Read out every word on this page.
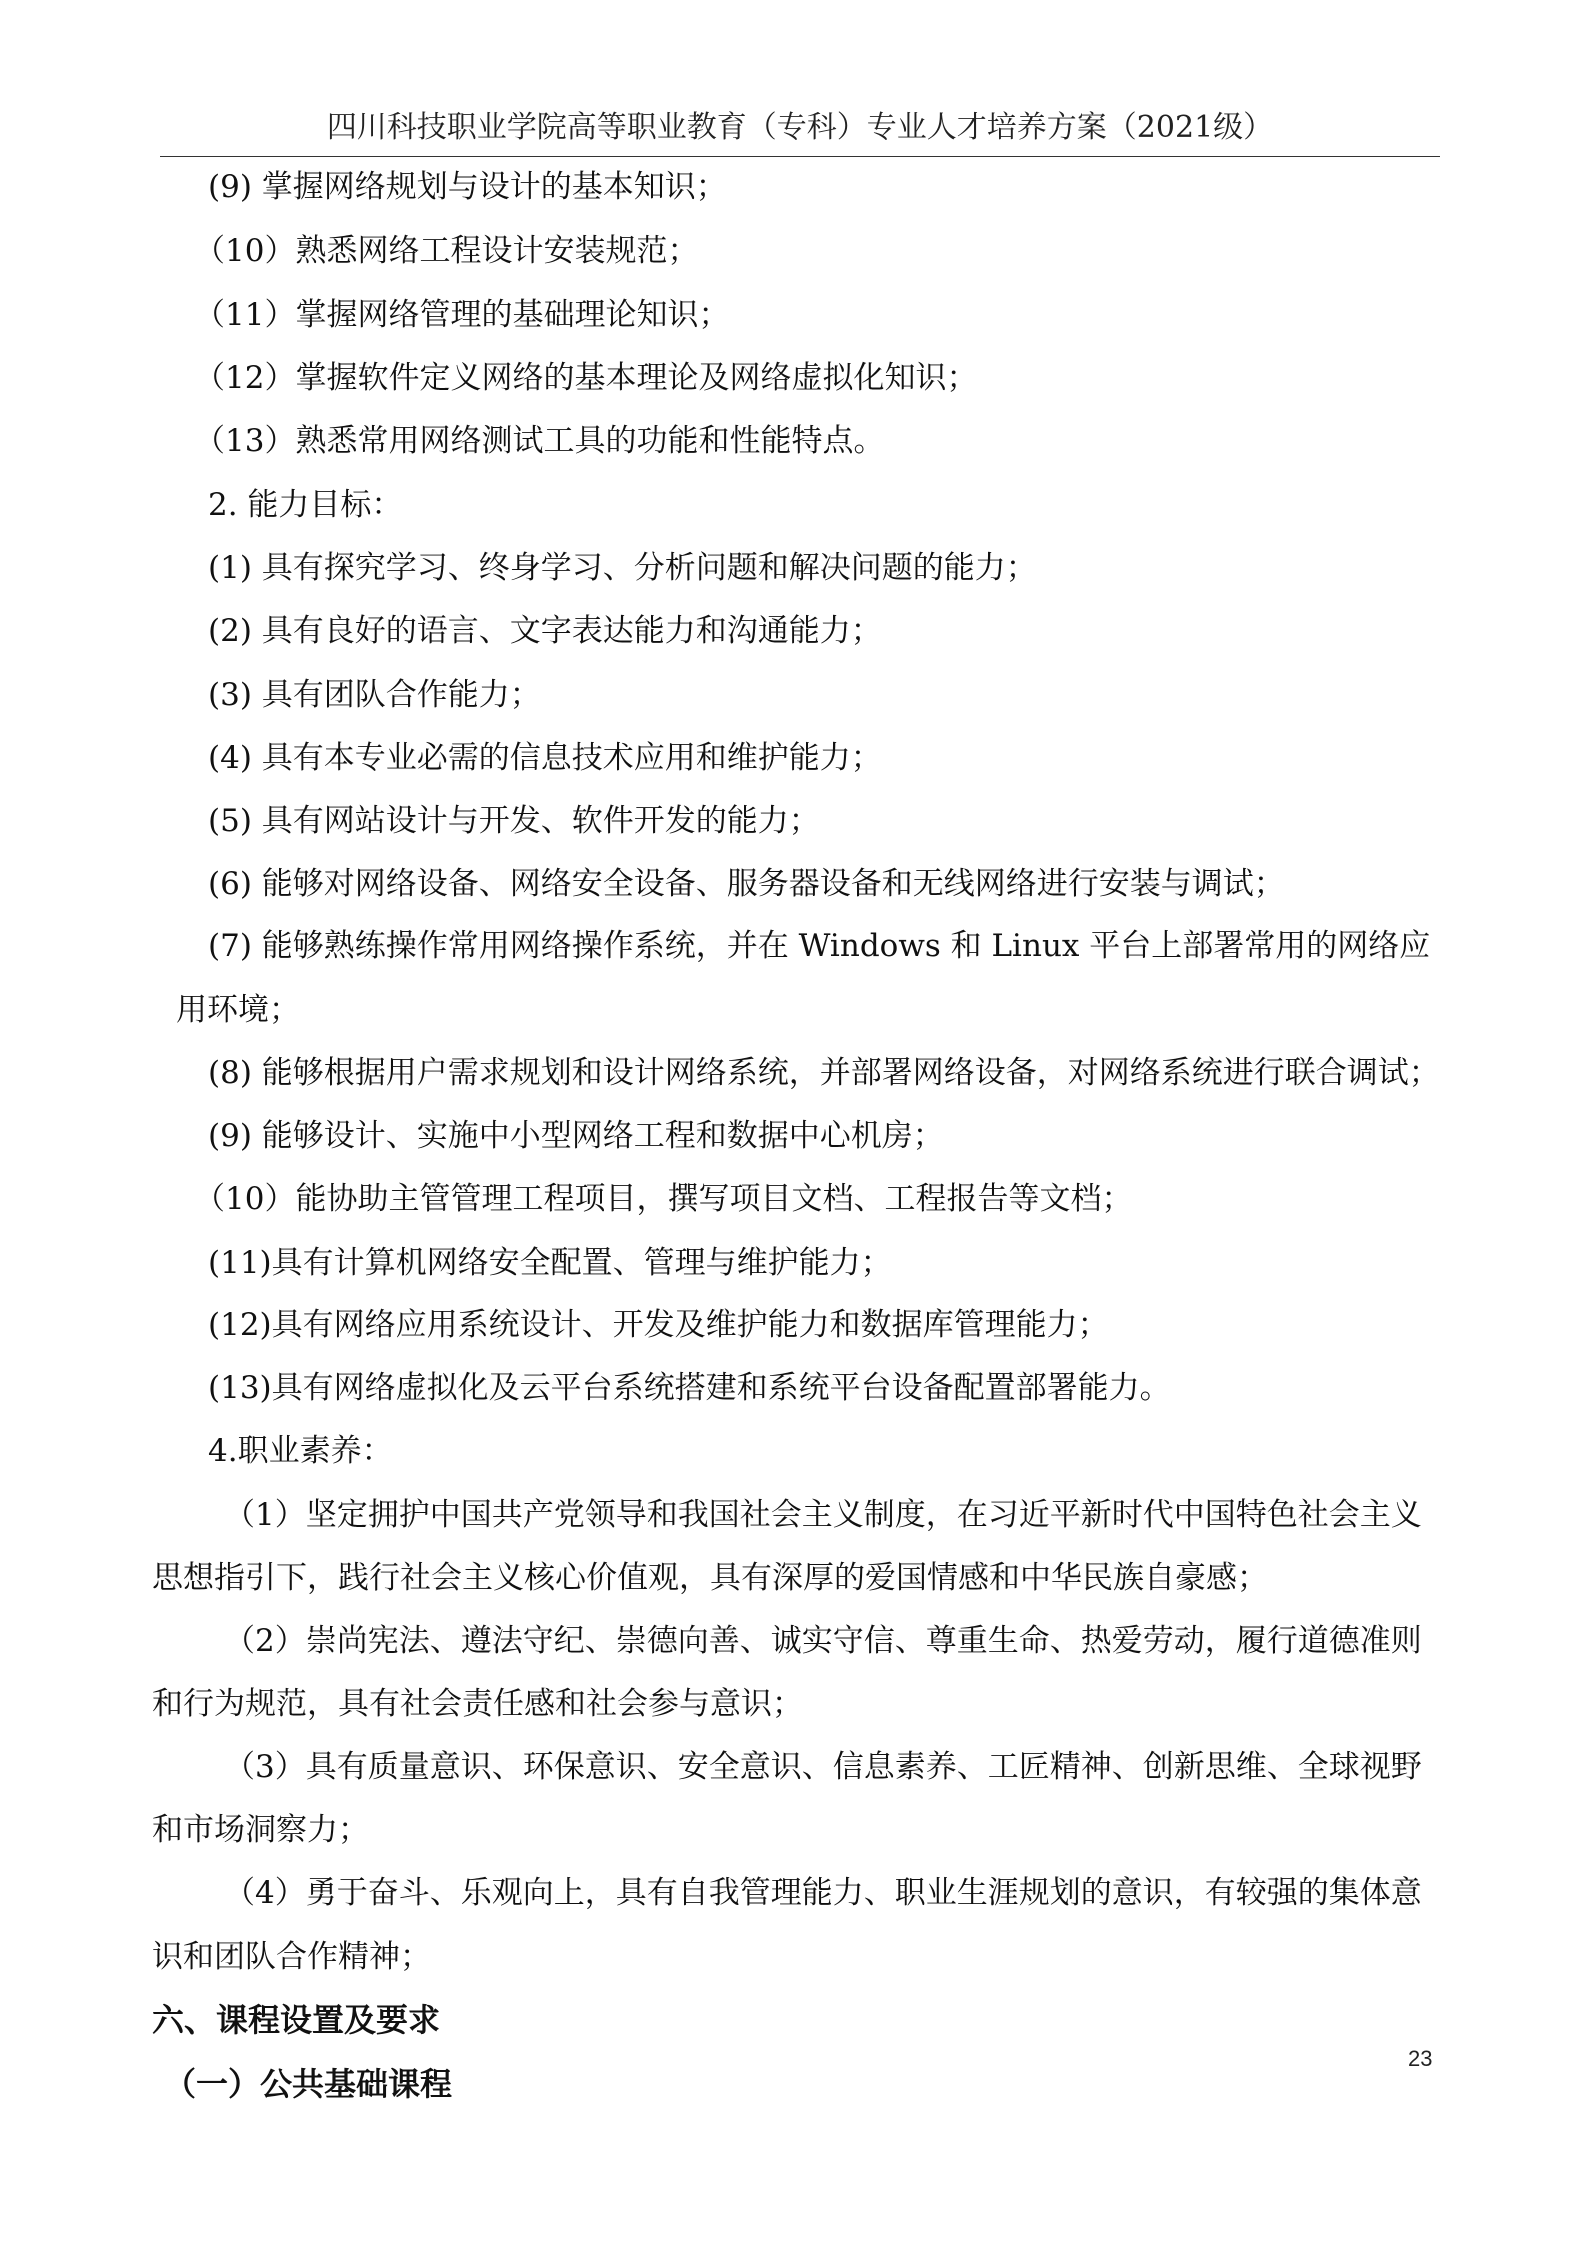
四川科技职业学院高等职业教育（专科）专业人才培养方案（2021级）
(9) 掌握网络规划与设计的基本知识；
（10）熟悉网络工程设计安装规范；
（11）掌握网络管理的基础理论知识；
（12）掌握软件定义网络的基本理论及网络虚拟化知识；
（13）熟悉常用网络测试工具的功能和性能特点。
2. 能力目标：
(1) 具有探究学习、终身学习、分析问题和解决问题的能力；
(2) 具有良好的语言、文字表达能力和沟通能力；
(3) 具有团队合作能力；
(4) 具有本专业必需的信息技术应用和维护能力；
(5) 具有网站设计与开发、软件开发的能力；
(6) 能够对网络设备、网络安全设备、服务器设备和无线网络进行安装与调试；
(7) 能够熟练操作常用网络操作系统，并在 Windows 和 Linux 平台上部署常用的网络应
用环境；
(8) 能够根据用户需求规划和设计网络系统，并部署网络设备，对网络系统进行联合调试；
(9) 能够设计、实施中小型网络工程和数据中心机房；
（10）能协助主管管理工程项目，撰写项目文档、工程报告等文档；
(11)具有计算机网络安全配置、管理与维护能力；
(12)具有网络应用系统设计、开发及维护能力和数据库管理能力；
(13)具有网络虚拟化及云平台系统搭建和系统平台设备配置部署能力。
4.职业素养：
（1）坚定拥护中国共产党领导和我国社会主义制度，在习近平新时代中国特色社会主义
思想指引下，践行社会主义核心价值观，具有深厚的爱国情感和中华民族自豪感；
（2）崇尚宪法、遵法守纪、崇德向善、诚实守信、尊重生命、热爱劳动，履行道德准则
和行为规范，具有社会责任感和社会参与意识；
（3）具有质量意识、环保意识、安全意识、信息素养、工匠精神、创新思维、全球视野
和市场洞察力；
（4）勇于奋斗、乐观向上，具有自我管理能力、职业生涯规划的意识，有较强的集体意
识和团队合作精神；
六、课程设置及要求
（一）公共基础课程
23
